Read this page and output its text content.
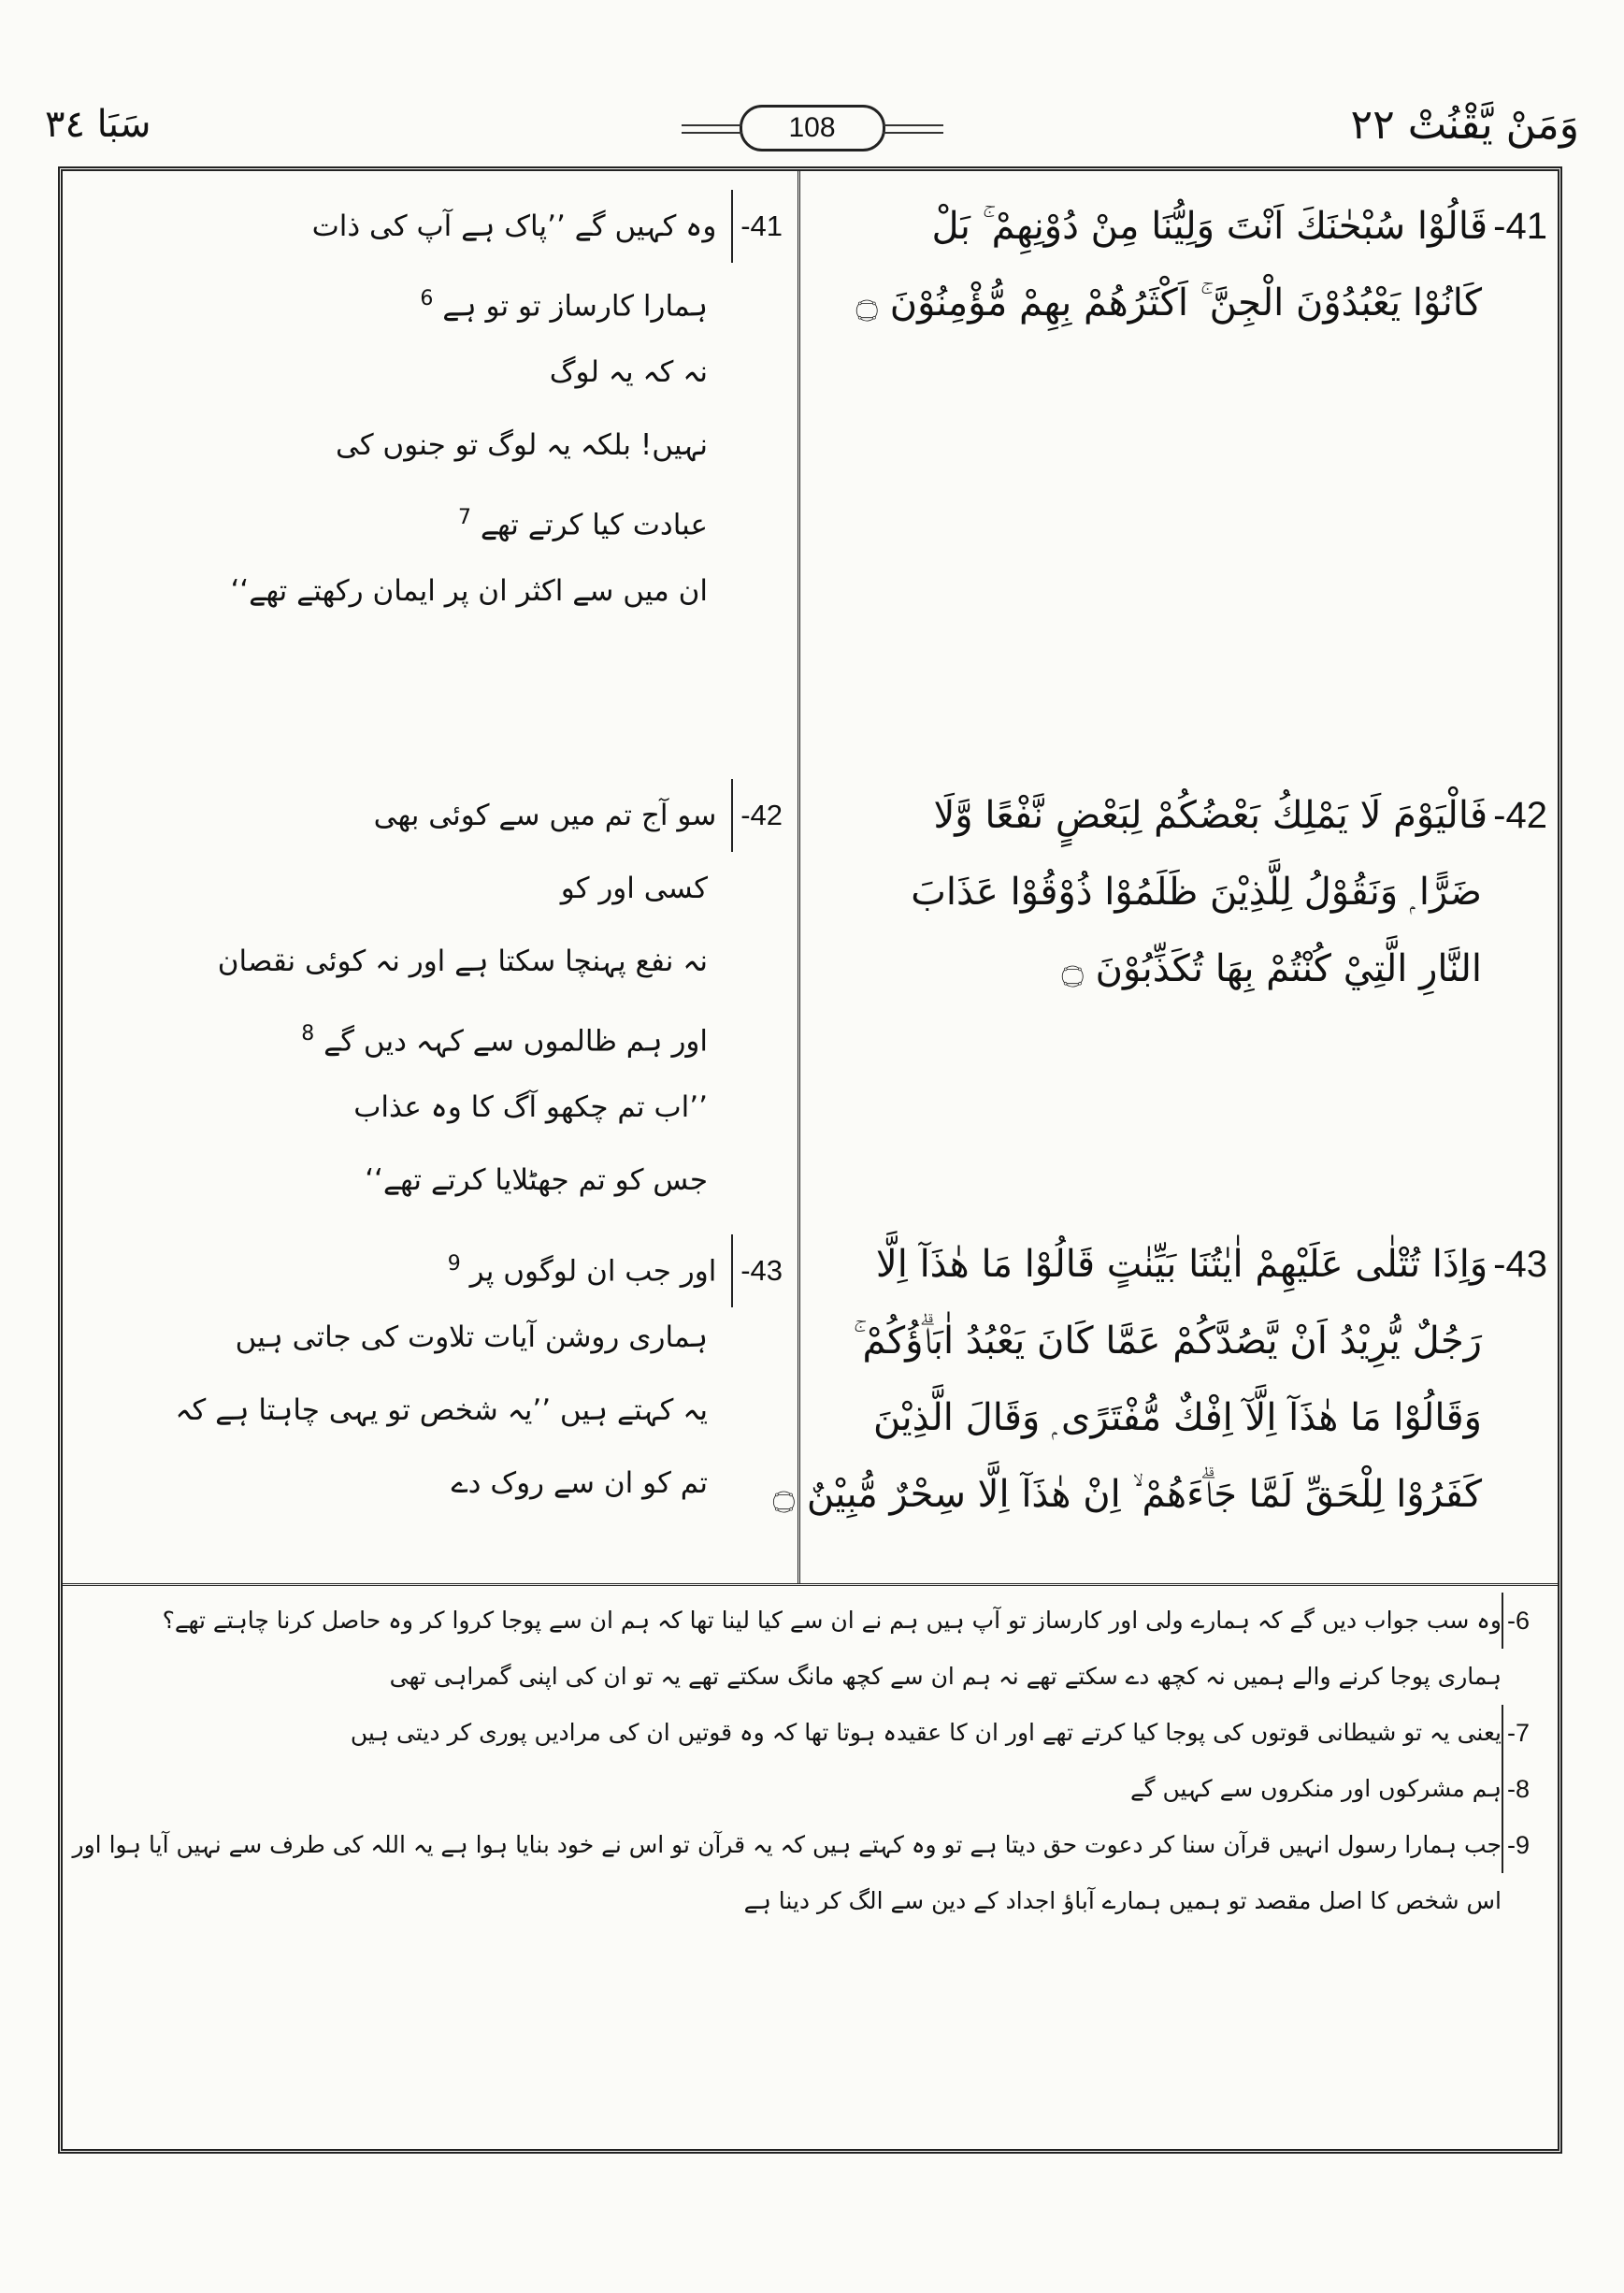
سَبَا ٣٤	108	وَمَنْ يَّقْنُتْ ٢٢
41-قَالُوْا سُبْحٰنَكَ اَنْتَ وَلِيُّنَا مِنْ دُوْنِهِمْ ۚ بَلْ
كَانُوْا يَعْبُدُوْنَ الْجِنَّ ۚ اَكْثَرُهُمْ بِهِمْ مُّؤْمِنُوْنَ ۝
42-فَالْيَوْمَ لَا يَمْلِكُ بَعْضُكُمْ لِبَعْضٍ نَّفْعًا وَّلَا
ضَرًّا ۭ وَنَقُوْلُ لِلَّذِيْنَ ظَلَمُوْا ذُوْقُوْا عَذَابَ
النَّارِ الَّتِيْ كُنْتُمْ بِهَا تُكَذِّبُوْنَ ۝
43-وَاِذَا تُتْلٰى عَلَيْهِمْ اٰيٰتُنَا بَيِّنٰتٍ قَالُوْا مَا هٰذَآ اِلَّا
رَجُلٌ يُّرِيْدُ اَنْ يَّصُدَّكُمْ عَمَّا كَانَ يَعْبُدُ اٰبَاۗؤُكُمْ ۚ
وَقَالُوْا مَا هٰذَآ اِلَّآ اِفْكٌ مُّفْتَرًى ۭ وَقَالَ الَّذِيْنَ
كَفَرُوْا لِلْحَقِّ لَمَّا جَاۗءَهُمْ ۙ اِنْ هٰذَآ اِلَّا سِحْرٌ مُّبِيْنٌ ۝
41- وہ کہیں گے ’’پاک ہے آپ کی ذات
ہمارا کارساز تو تو ہے $^6$
نہ کہ یہ لوگ
نہیں! بلکہ یہ لوگ تو جنوں کی
عبادت کیا کرتے تھے $^7$
ان میں سے اکثر ان پر ایمان رکھتے تھے‘‘
42- سو آج تم میں سے کوئی بھی
کسی اور کو
نہ نفع پہنچا سکتا ہے اور نہ کوئی نقصان
اور ہم ظالموں سے کہہ دیں گے $^8$
’’اب تم چکھو آگ کا وہ عذاب
جس کو تم جھٹلایا کرتے تھے‘‘
43- اور جب ان لوگوں پر $^9$
ہماری روشن آیات تلاوت کی جاتی ہیں
یہ کہتے ہیں ’’یہ شخص تو یہی چاہتا ہے کہ
تم کو ان سے روک دے
6-
وہ سب جواب دیں گے کہ ہمارے ولی اور کارساز تو آپ ہیں ہم نے ان سے کیا لینا تھا کہ ہم ان سے پوجا کروا کر وہ حاصل کرنا چاہتے تھے؟
ہماری پوجا کرنے والے ہمیں نہ کچھ دے سکتے تھے نہ ہم ان سے کچھ مانگ سکتے تھے یہ تو ان کی اپنی گمراہی تھی
7-
یعنی یہ تو شیطانی قوتوں کی پوجا کیا کرتے تھے اور ان کا عقیدہ ہوتا تھا کہ وہ قوتیں ان کی مرادیں پوری کر دیتی ہیں
8-
ہم مشرکوں اور منکروں سے کہیں گے
9-
جب ہمارا رسول انہیں قرآن سنا کر دعوت حق دیتا ہے تو وہ کہتے ہیں کہ یہ قرآن تو اس نے خود بنایا ہوا ہے یہ اللہ کی طرف سے نہیں آیا ہوا اور
اس شخص کا اصل مقصد تو ہمیں ہمارے آباؤ اجداد کے دین سے الگ کر دینا ہے
